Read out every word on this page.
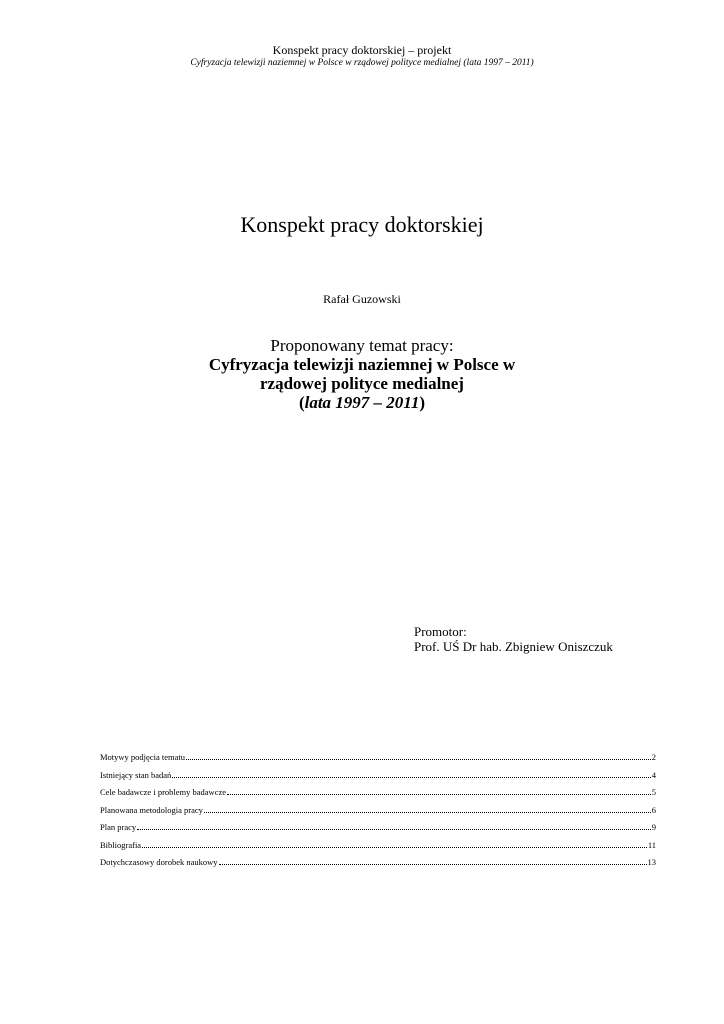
Konspekt pracy doktorskiej – projekt
Cyfryzacja telewizji naziemnej w Polsce w rządowej polityce medialnej (lata 1997 – 2011)
Konspekt pracy doktorskiej
Rafał Guzowski
Proponowany temat pracy:
Cyfryzacja telewizji naziemnej w Polsce w
rządowej polityce medialnej
(lata 1997 – 2011)
Promotor:
Prof. UŚ Dr hab. Zbigniew Oniszczuk
Motywy podjęcia tematu	2
Istniejący stan badań	4
Cele badawcze i problemy badawcze	5
Planowana metodologia pracy	6
Plan pracy	9
Bibliografia	11
Dotychczasowy dorobek naukowy	13
